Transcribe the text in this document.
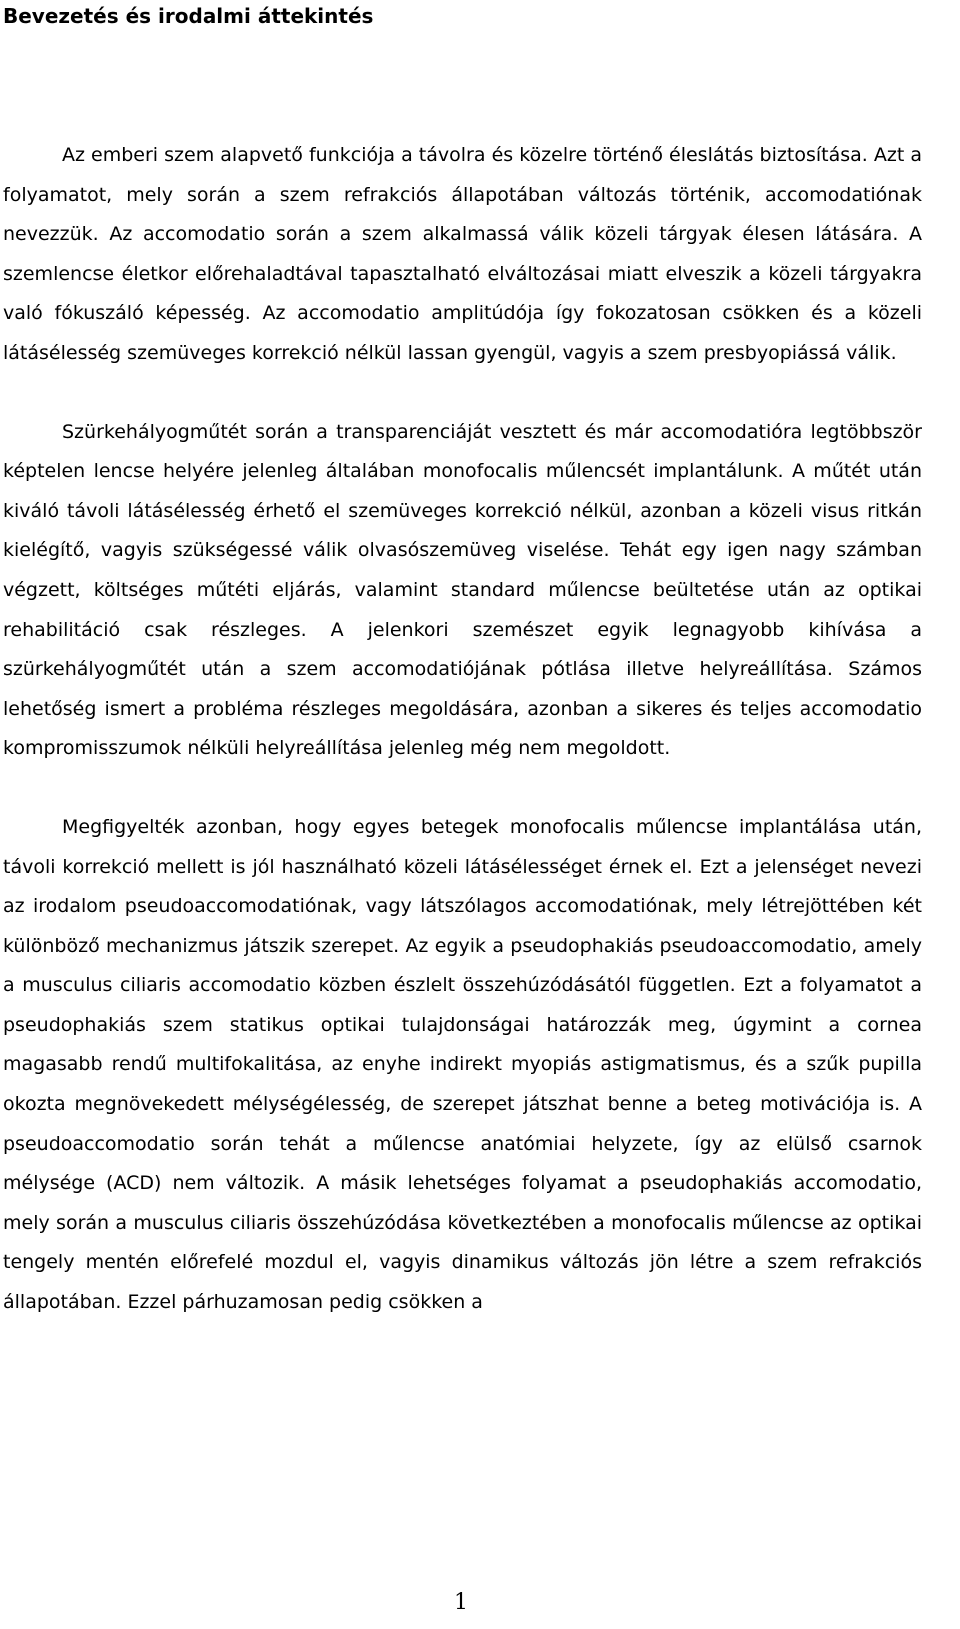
Bevezetés és irodalmi áttekintés

Az emberi szem alapvető funkciója a távolra és közelre történő éleslátás biztosítása. Azt a folyamatot, mely során a szem refrakciós állapotában változás történik, accomodatiónak nevezzük. Az accomodatio során a szem alkalmassá válik közeli tárgyak élesen látására. A szemlencse életkor előrehaladtával tapasztalható elváltozásai miatt elveszik a közeli tárgyakra való fókuszáló képesség. Az accomodatio amplitúdója így fokozatosan csökken és a közeli látásélesség szemüveges korrekció nélkül lassan gyengül, vagyis a szem presbyopiássá válik.

Szürkehályogműtét során a transparenciáját vesztett és már accomodatióra legtöbbször képtelen lencse helyére jelenleg általában monofocalis műlencsét implantálunk. A műtét után kiváló távoli látásélesség érhető el szemüveges korrekció nélkül, azonban a közeli visus ritkán kielégítő, vagyis szükségessé válik olvasószemüveg viselése. Tehát egy igen nagy számban végzett, költséges műtéti eljárás, valamint standard műlencse beültetése után az optikai rehabilitáció csak részleges. A jelenkori szemészet egyik legnagyobb kihívása a szürkehályogműtét után a szem accomodatiójának pótlása illetve helyreállítása. Számos lehetőség ismert a probléma részleges megoldására, azonban a sikeres és teljes accomodatio kompromisszumok nélküli helyreállítása jelenleg még nem megoldott.

Megfigyelték azonban, hogy egyes betegek monofocalis műlencse implantálása után, távoli korrekció mellett is jól használható közeli látásélességet érnek el. Ezt a jelenséget nevezi az irodalom pseudoaccomodatiónak, vagy látszólagos accomodatiónak, mely létrejöttében két különböző mechanizmus játszik szerepet. Az egyik a pseudophakiás pseudoaccomodatio, amely a musculus ciliaris accomodatio közben észlelt összehúzódásától független. Ezt a folyamatot a pseudophakiás szem statikus optikai tulajdonságai határozzák meg, úgymint a cornea magasabb rendű multifokalitása, az enyhe indirekt myopiás astigmatismus, és a szűk pupilla okozta megnövekedett mélységélesség, de szerepet játszhat benne a beteg motivációja is. A pseudoaccomodatio során tehát a műlencse anatómiai helyzete, így az elülső csarnok mélysége (ACD) nem változik. A másik lehetséges folyamat a pseudophakiás accomodatio, mely során a musculus ciliaris összehúzódása következtében a monofocalis műlencse az optikai tengely mentén előrefelé mozdul el, vagyis dinamikus változás jön létre a szem refrakciós állapotában. Ezzel párhuzamosan pedig csökken a

1
